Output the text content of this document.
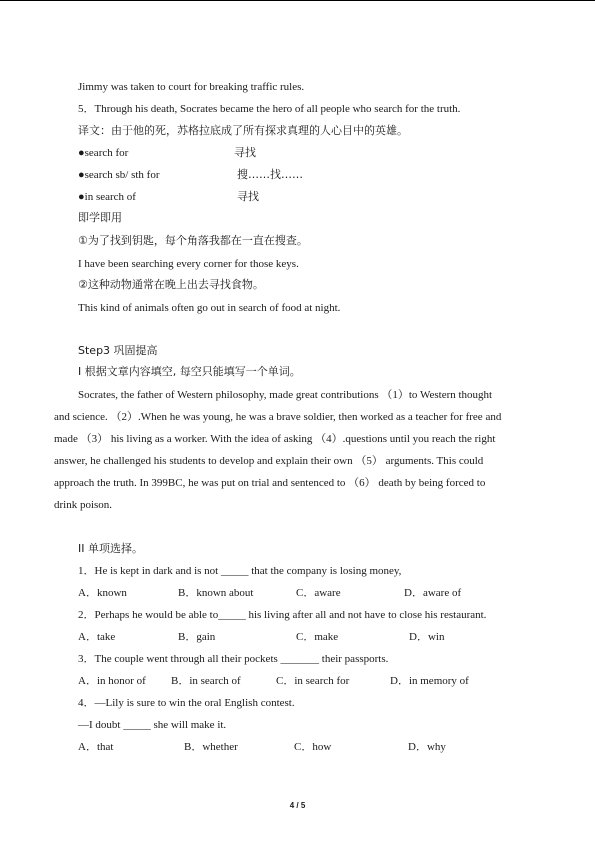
Jimmy was taken to court for breaking traffic rules.
5．Through his death, Socrates became the hero of all people who search for the truth.
译文：由于他的死，苏格拉底成了所有探求真理的人心目中的英雄。
●search for	寻找
●search sb/ sth for	搜……找……
●in search of	寻找
即学即用
①为了找到钥匙，每个角落我都在一直在搜查。
I have been searching every corner for those keys.
②这种动物通常在晚上出去寻找食物。
This kind of animals often go out in search of food at night.
Step3 巩固提高
I 根据文章内容填空, 每空只能填写一个单词。
Socrates, the father of Western philosophy, made great contributions （1）to Western thought
and science. （2）.When he was young, he was a brave soldier, then worked as a teacher for free and
made （3） his living as a worker. With the idea of asking （4）.questions until you reach the right
answer, he challenged his students to develop and explain their own （5） arguments. This could
approach the truth. In 399BC, he was put on trial and sentenced to （6） death by being forced to
drink poison.
II 单项选择。
1．He is kept in dark and is not _____ that the company is losing money,
A．known	B．known about	C．aware	D．aware of
2．Perhaps he would be able to_____ his living after all and not have to close his restaurant.
A．take	B．gain	C．make	D．win
3．The couple went through all their pockets _______ their passports.
A．in honor of B．in search of	C．in search for	D．in memory of
4．—Lily is sure to win the oral English contest.
—I doubt _____ she will make it.
A．that	B．whether	C．how	D．why
4 / 5
